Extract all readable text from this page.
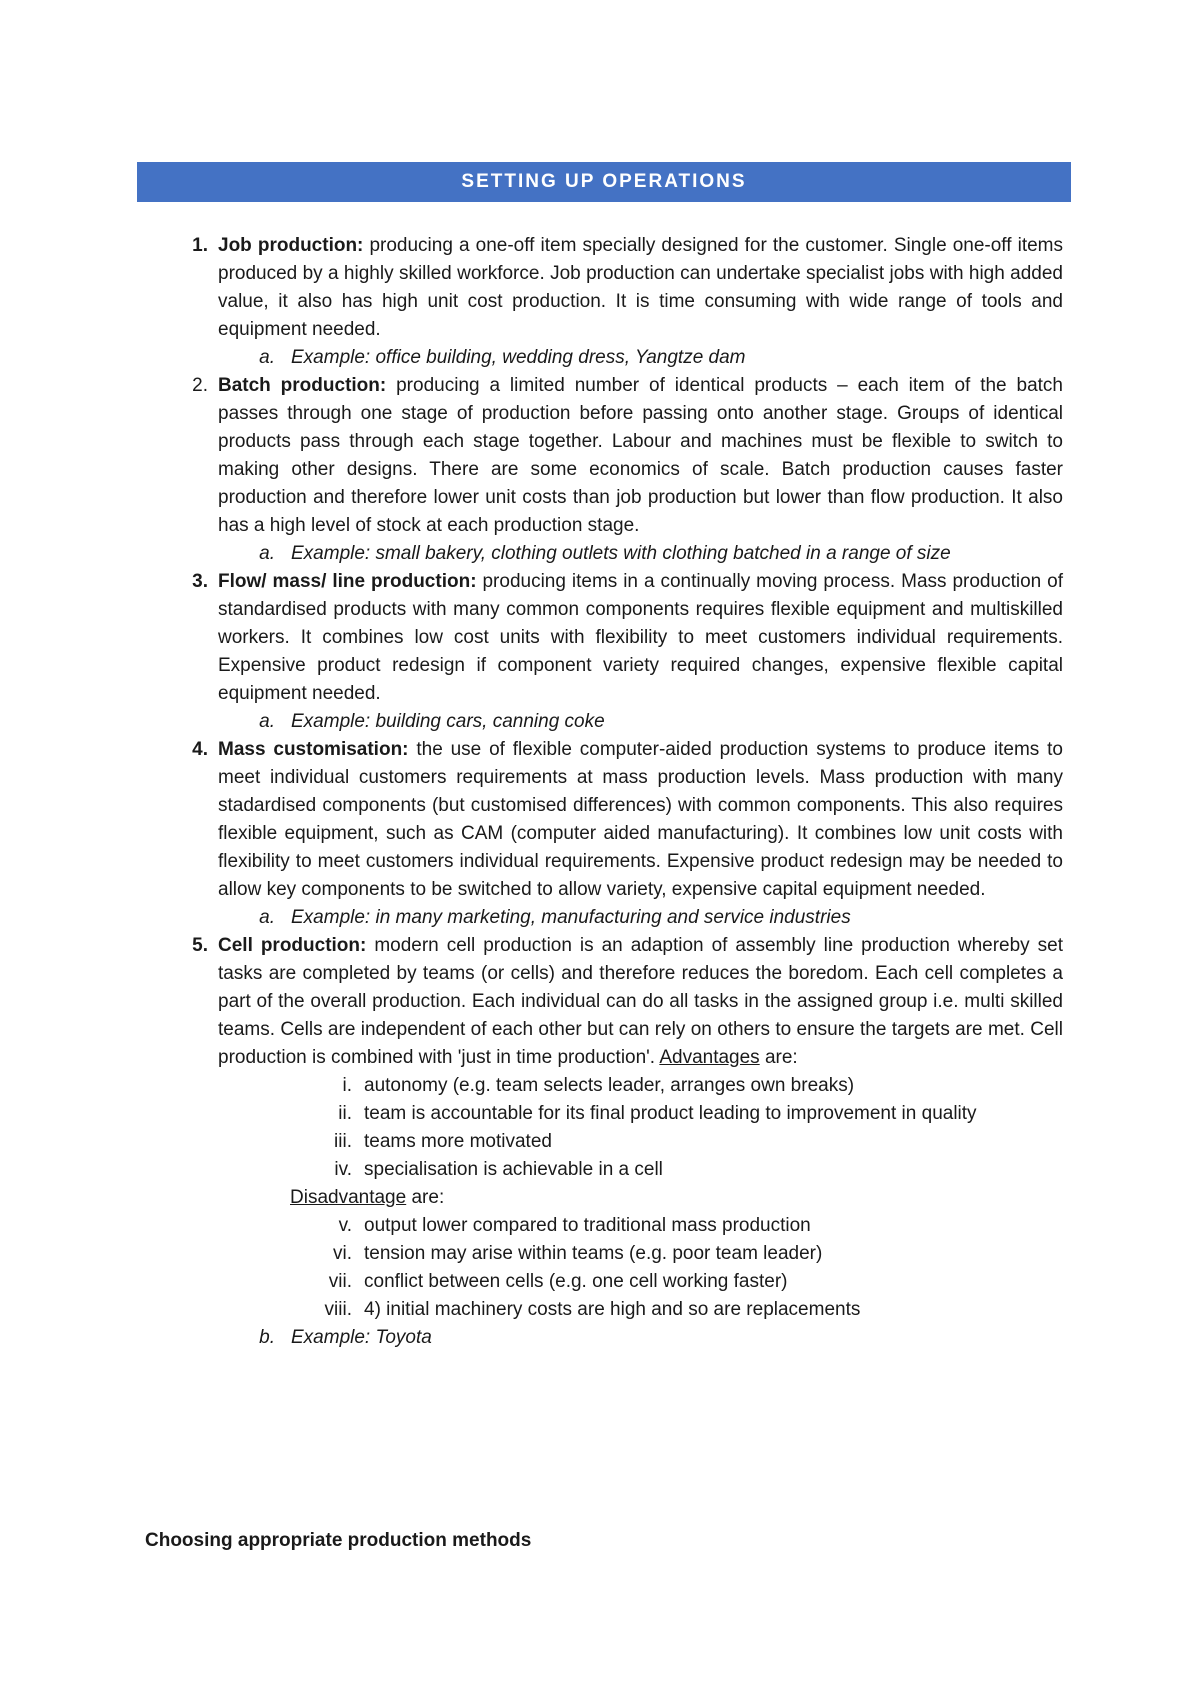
SETTING UP OPERATIONS
1. Job production: producing a one-off item specially designed for the customer. Single one-off items produced by a highly skilled workforce. Job production can undertake specialist jobs with high added value, it also has high unit cost production. It is time consuming with wide range of tools and equipment needed.
a. Example: office building, wedding dress, Yangtze dam
2. Batch production: producing a limited number of identical products – each item of the batch passes through one stage of production before passing onto another stage. Groups of identical products pass through each stage together. Labour and machines must be flexible to switch to making other designs. There are some economics of scale. Batch production causes faster production and therefore lower unit costs than job production but lower than flow production. It also has a high level of stock at each production stage.
a. Example: small bakery, clothing outlets with clothing batched in a range of size
3. Flow/ mass/ line production: producing items in a continually moving process. Mass production of standardised products with many common components requires flexible equipment and multiskilled workers. It combines low cost units with flexibility to meet customers individual requirements. Expensive product redesign if component variety required changes, expensive flexible capital equipment needed.
a. Example: building cars, canning coke
4. Mass customisation: the use of flexible computer-aided production systems to produce items to meet individual customers requirements at mass production levels. Mass production with many stadardised components (but customised differences) with common components. This also requires flexible equipment, such as CAM (computer aided manufacturing). It combines low unit costs with flexibility to meet customers individual requirements. Expensive product redesign may be needed to allow key components to be switched to allow variety, expensive capital equipment needed.
a. Example: in many marketing, manufacturing and service industries
5. Cell production: modern cell production is an adaption of assembly line production whereby set tasks are completed by teams (or cells) and therefore reduces the boredom. Each cell completes a part of the overall production. Each individual can do all tasks in the assigned group i.e. multi skilled teams. Cells are independent of each other but can rely on others to ensure the targets are met. Cell production is combined with 'just in time production'. Advantages are:
i. autonomy (e.g. team selects leader, arranges own breaks)
ii. team is accountable for its final product leading to improvement in quality
iii. teams more motivated
iv. specialisation is achievable in a cell
Disadvantage are:
v. output lower compared to traditional mass production
vi. tension may arise within teams (e.g. poor team leader)
vii. conflict between cells (e.g. one cell working faster)
viii. 4) initial machinery costs are high and so are replacements
b. Example: Toyota
Choosing appropriate production methods
